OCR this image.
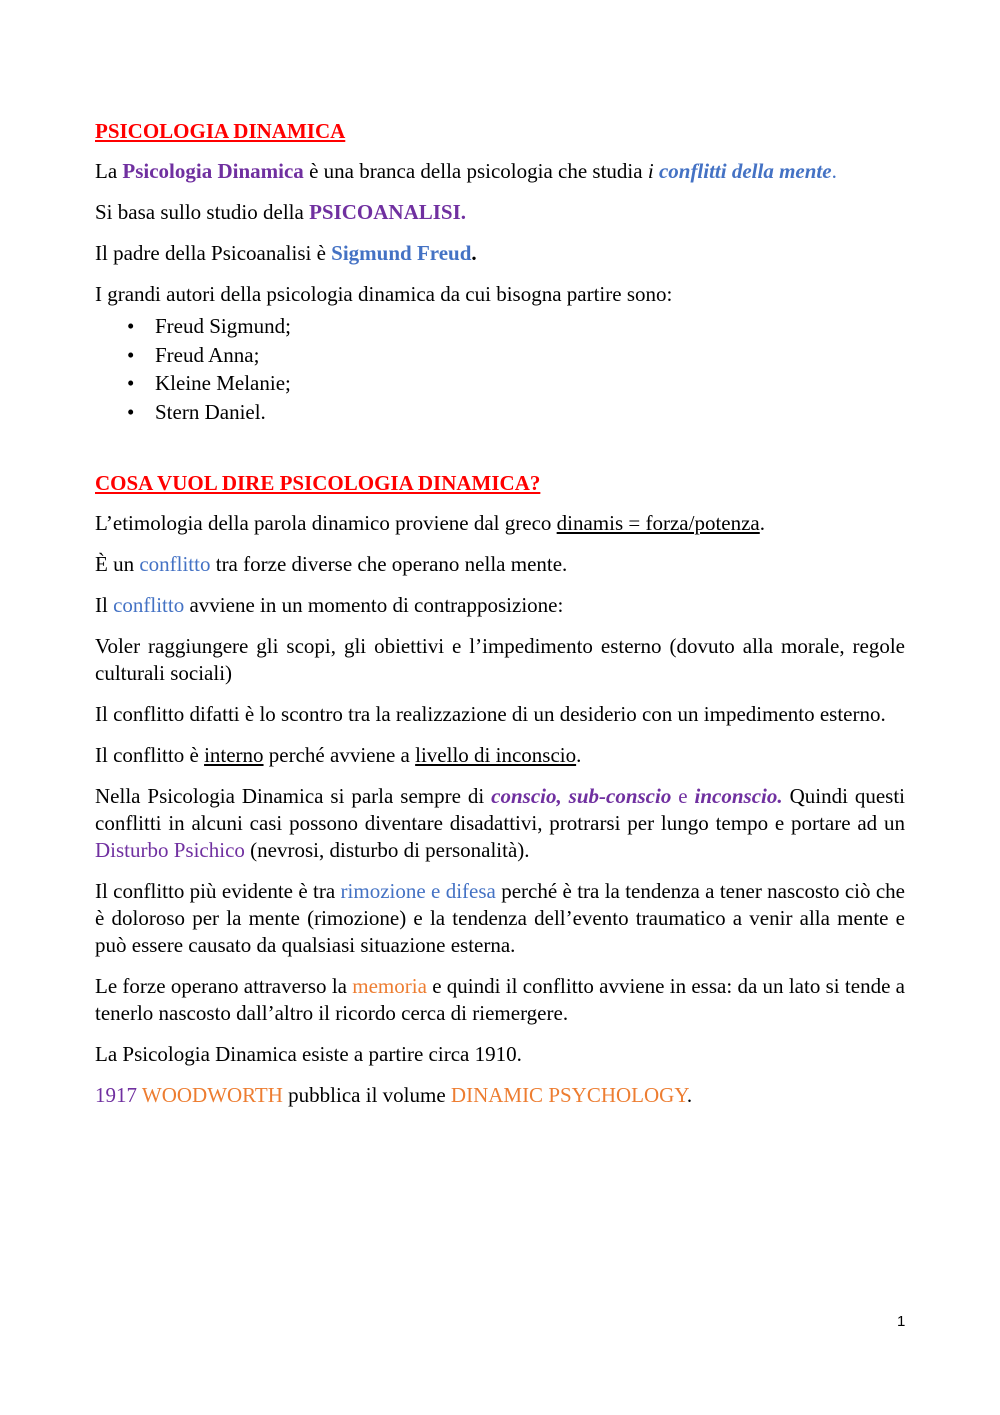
PSICOLOGIA DINAMICA

La Psicologia Dinamica è una branca della psicologia che studia i conflitti della mente.

Si basa sullo studio della PSICOANALISI.

Il padre della Psicoanalisi è Sigmund Freud.

I grandi autori della psicologia dinamica da cui bisogna partire sono:

• Freud Sigmund;
• Freud Anna;
• Kleine Melanie;
• Stern Daniel.

COSA VUOL DIRE PSICOLOGIA DINAMICA?

L’etimologia della parola dinamico proviene dal greco dinamis = forza/potenza.

È un conflitto tra forze diverse che operano nella mente.

Il conflitto avviene in un momento di contrapposizione:

Voler raggiungere gli scopi, gli obiettivi e l’impedimento esterno (dovuto alla morale, regole culturali sociali)

Il conflitto difatti è lo scontro tra la realizzazione di un desiderio con un impedimento esterno.

Il conflitto è interno perché avviene a livello di inconscio.

Nella Psicologia Dinamica si parla sempre di conscio, sub-conscio e inconscio. Quindi questi conflitti in alcuni casi possono diventare disadattivi, protrarsi per lungo tempo e portare ad un Disturbo Psichico (nevrosi, disturbo di personalità).

Il conflitto più evidente è tra rimozione e difesa perché è tra la tendenza a tener nascosto ciò che è doloroso per la mente (rimozione) e la tendenza dell’evento traumatico a venir alla mente e può essere causato da qualsiasi situazione esterna.

Le forze operano attraverso la memoria e quindi il conflitto avviene in essa: da un lato si tende a tenerlo nascosto dall’altro il ricordo cerca di riemergere.

La Psicologia Dinamica esiste a partire circa 1910.

1917 WOODWORTH pubblica il volume DINAMIC PSYCHOLOGY.

1
